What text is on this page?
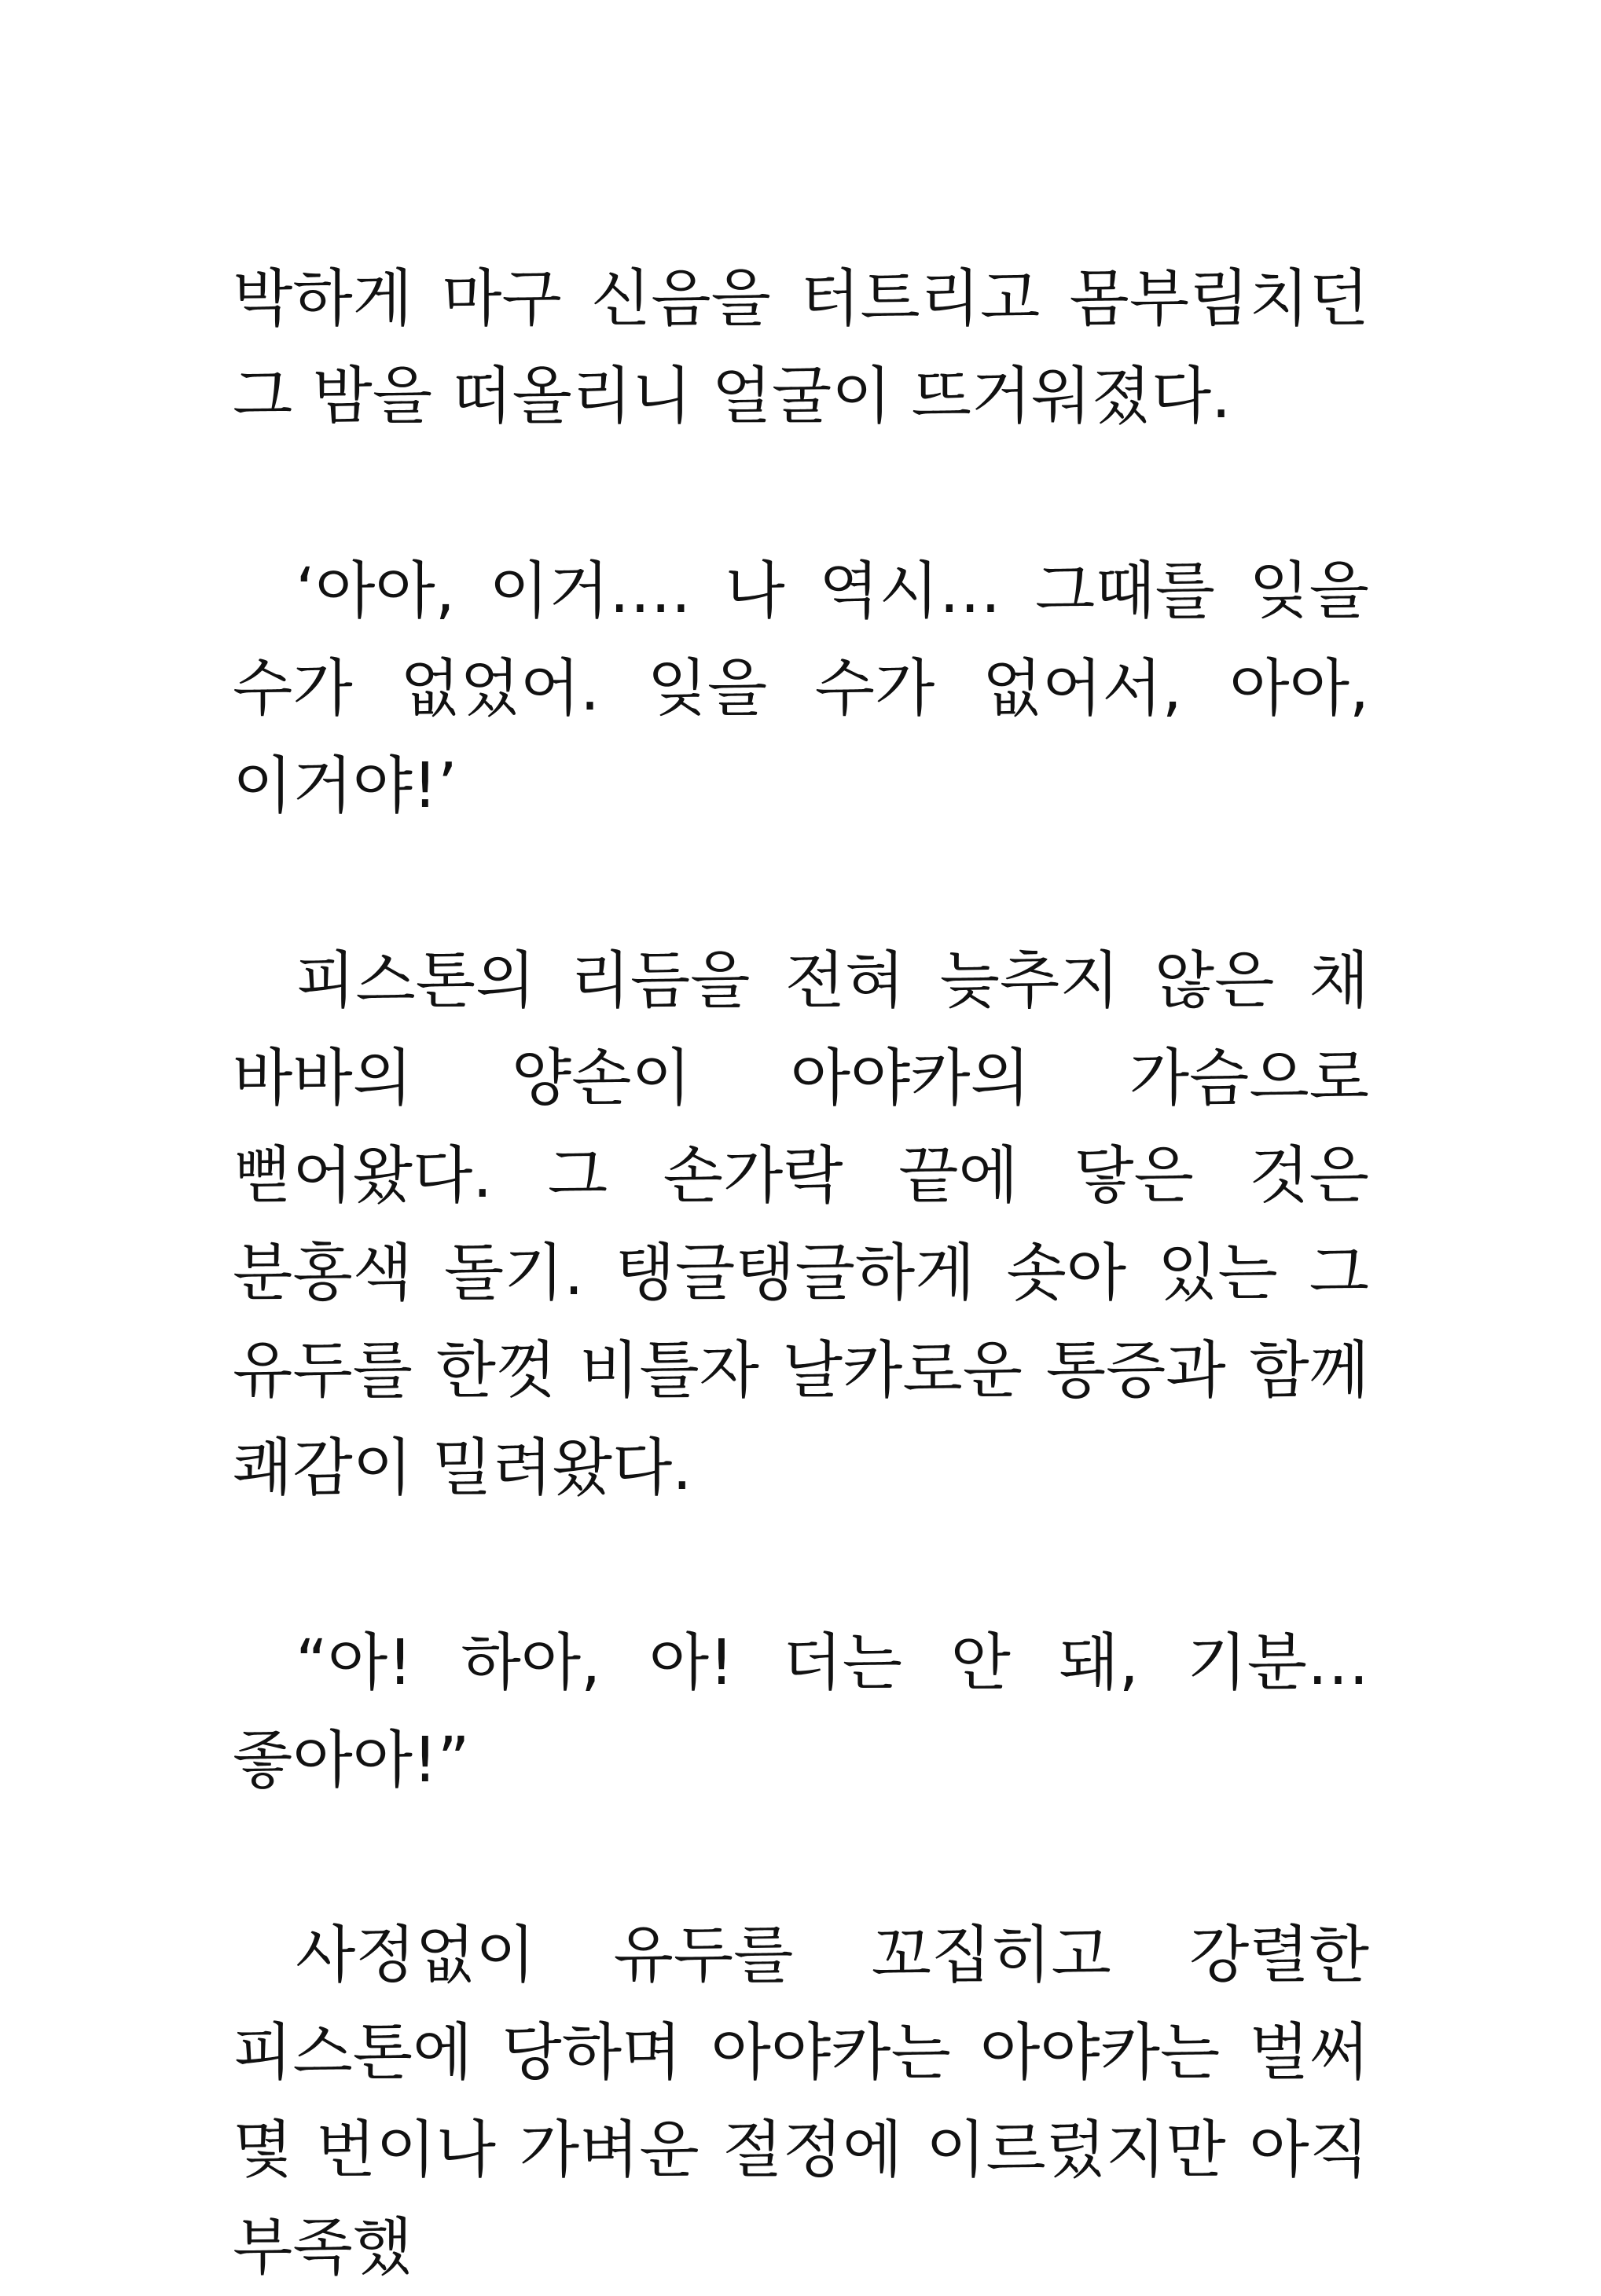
박하게 마구 신음을 터트리고 몸부림치던 그 밤을 떠올리니 얼굴이 뜨거워졌다.

‘아아, 이거…. 나 역시… 그때를 잊을 수가 없었어. 잊을 수가 없어서, 아아, 이거야!’

피스톤의 리듬을 전혀 늦추지 않은 채 바바의 양손이 아야카의 가슴으로 뻗어왔다. 그 손가락 끝에 닿은 것은 분홍색 돌기. 탱글탱글하게 솟아 있는 그 유두를 한껏 비틀자 날카로운 통증과 함께 쾌감이 밀려왔다.

“아! 하아, 아! 더는 안 돼, 기분… 좋아아!”

사정없이 유두를 꼬집히고 강렬한 피스톤에 당하며 아야카는 아야카는 벌써 몇 번이나 가벼운 절정에 이르렀지만 아직 부족했
